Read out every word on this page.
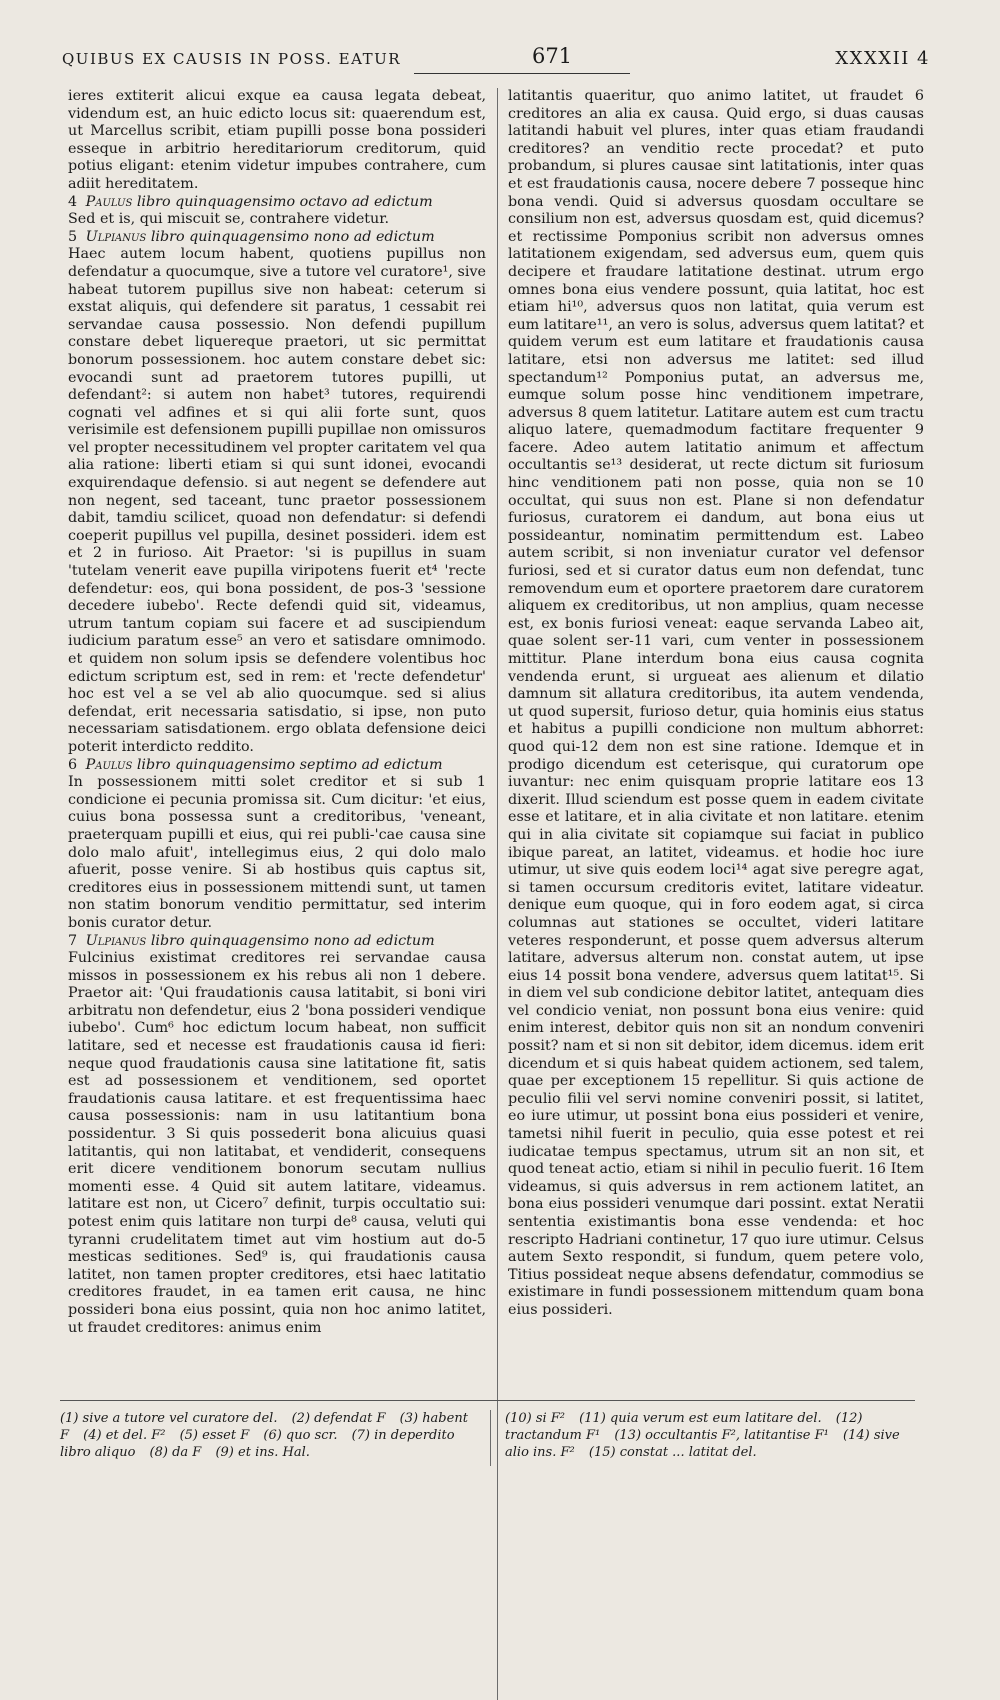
QUIBUS EX CAUSIS IN POSS. EATUR	671	XXXXII 4

ieres extiterit alicui exque ea causa legata debeat, videndum est, an huic edicto locus sit: quaerendum est, ut Marcellus scribit, etiam pupilli posse bona possideri esseque in arbitrio hereditariorum creditorum, quid potius eligant: etenim videtur impubes contrahere, cum adiit hereditatem.

4 Paulus libro quinquagensimo octavo ad edictum

Sed et is, qui miscuit se, contrahere videtur.

5 Ulpianus libro quinquagensimo nono ad edictum

Haec autem locum habent, quotiens pupillus non defendatur a quocumque, sive a tutore vel curatore¹, sive habeat tutorem pupillus sive non habeat: ceterum si exstat aliquis, qui defendere sit paratus, 1 cessabit rei servandae causa possessio. Non defendi pupillum constare debet liquereque praetori, ut sic permittat bonorum possessionem. hoc autem constare debet sic: evocandi sunt ad praetorem tutores pupilli, ut defendant²: si autem non habet³ tutores, requirendi cognati vel adfines et si qui alii forte sunt, quos verisimile est defensionem pupilli pupillae non omissuros vel propter necessitudinem vel propter caritatem vel qua alia ratione: liberti etiam si qui sunt idonei, evocandi exquirendaque defensio. si aut negent se defendere aut non negent, sed taceant, tunc praetor possessionem dabit, tamdiu scilicet, quoad non defendatur: si defendi coeperit pupillus vel pupilla, desinet possideri. idem est et 2 in furioso. Ait Praetor: 'si is pupillus in suam 'tutelam venerit eave pupilla viripotens fuerit et⁴ 'recte defendetur: eos, qui bona possident, de pos-3 'sessione decedere iubebo'. Recte defendi quid sit, videamus, utrum tantum copiam sui facere et ad suscipiendum iudicium paratum esse⁵ an vero et satisdare omnimodo. et quidem non solum ipsis se defendere volentibus hoc edictum scriptum est, sed in rem: et 'recte defendetur' hoc est vel a se vel ab alio quocumque. sed si alius defendat, erit necessaria satisdatio, si ipse, non puto necessariam satisdationem. ergo oblata defensione deici poterit interdicto reddito.

6 Paulus libro quinquagensimo septimo ad edictum

In possessionem mitti solet creditor et si sub 1 condicione ei pecunia promissa sit. Cum dicitur: 'et eius, cuius bona possessa sunt a creditoribus, 'veneant, praeterquam pupilli et eius, qui rei publi-'cae causa sine dolo malo afuit', intellegimus eius, 2 qui dolo malo afuerit, posse venire. Si ab hostibus quis captus sit, creditores eius in possessionem mittendi sunt, ut tamen non statim bonorum venditio permittatur, sed interim bonis curator detur.

7 Ulpianus libro quinquagensimo nono ad edictum

Fulcinius existimat creditores rei servandae causa missos in possessionem ex his rebus ali non 1 debere. Praetor ait: 'Qui fraudationis causa latitabit, si boni viri arbitratu non defendetur, eius 2 'bona possideri vendique iubebo'. Cum⁶ hoc edictum locum habeat, non sufficit latitare, sed et necesse est fraudationis causa id fieri: neque quod fraudationis causa sine latitatione fit, satis est ad possessionem et venditionem, sed oportet fraudationis causa latitare. et est frequentissima haec causa possessionis: nam in usu latitantium bona possidentur. 3 Si quis possederit bona alicuius quasi latitantis, qui non latitabat, et vendiderit, consequens erit dicere venditionem bonorum secutam nullius momenti esse. 4 Quid sit autem latitare, videamus. latitare est non, ut Cicero⁷ definit, turpis occultatio sui: potest enim quis latitare non turpi de⁸ causa, veluti qui tyranni crudelitatem timet aut vim hostium aut do-5 mesticas seditiones. Sed⁹ is, qui fraudationis causa latitet, non tamen propter creditores, etsi haec latitatio creditores fraudet, in ea tamen erit causa, ne hinc possideri bona eius possint, quia non hoc animo latitet, ut fraudet creditores: animus enim

latitantis quaeritur, quo animo latitet, ut fraudet 6 creditores an alia ex causa. Quid ergo, si duas causas latitandi habuit vel plures, inter quas etiam fraudandi creditores? an venditio recte procedat? et puto probandum, si plures causae sint latitationis, inter quas et est fraudationis causa, nocere debere 7 posseque hinc bona vendi. Quid si adversus quosdam occultare se consilium non est, adversus quosdam est, quid dicemus? et rectissime Pomponius scribit non adversus omnes latitationem exigendam, sed adversus eum, quem quis decipere et fraudare latitatione destinat. utrum ergo omnes bona eius vendere possunt, quia latitat, hoc est etiam hi¹⁰, adversus quos non latitat, quia verum est eum latitare¹¹, an vero is solus, adversus quem latitat? et quidem verum est eum latitare et fraudationis causa latitare, etsi non adversus me latitet: sed illud spectandum¹² Pomponius putat, an adversus me, eumque solum posse hinc venditionem impetrare, adversus 8 quem latitetur. Latitare autem est cum tractu aliquo latere, quemadmodum factitare frequenter 9 facere. Adeo autem latitatio animum et affectum occultantis se¹³ desiderat, ut recte dictum sit furiosum hinc venditionem pati non posse, quia non se 10 occultat, qui suus non est. Plane si non defendatur furiosus, curatorem ei dandum, aut bona eius ut possideantur, nominatim permittendum est. Labeo autem scribit, si non inveniatur curator vel defensor furiosi, sed et si curator datus eum non defendat, tunc removendum eum et oportere praetorem dare curatorem aliquem ex creditoribus, ut non amplius, quam necesse est, ex bonis furiosi veneat: eaque servanda Labeo ait, quae solent ser-11 vari, cum venter in possessionem mittitur. Plane interdum bona eius causa cognita vendenda erunt, si urgueat aes alienum et dilatio damnum sit allatura creditoribus, ita autem vendenda, ut quod supersit, furioso detur, quia hominis eius status et habitus a pupilli condicione non multum abhorret: quod qui-12 dem non est sine ratione. Idemque et in prodigo dicendum est ceterisque, qui curatorum ope iuvantur: nec enim quisquam proprie latitare eos 13 dixerit. Illud sciendum est posse quem in eadem civitate esse et latitare, et in alia civitate et non latitare. etenim qui in alia civitate sit copiamque sui faciat in publico ibique pareat, an latitet, videamus. et hodie hoc iure utimur, ut sive quis eodem loci¹⁴ agat sive peregre agat, si tamen occursum creditoris evitet, latitare videatur. denique eum quoque, qui in foro eodem agat, si circa columnas aut stationes se occultet, videri latitare veteres responderunt, et posse quem adversus alterum latitare, adversus alterum non. constat autem, ut ipse eius 14 possit bona vendere, adversus quem latitat¹⁵. Si in diem vel sub condicione debitor latitet, antequam dies vel condicio veniat, non possunt bona eius venire: quid enim interest, debitor quis non sit an nondum conveniri possit? nam et si non sit debitor, idem dicemus. idem erit dicendum et si quis habeat quidem actionem, sed talem, quae per exceptionem 15 repellitur. Si quis actione de peculio filii vel servi nomine conveniri possit, si latitet, eo iure utimur, ut possint bona eius possideri et venire, tametsi nihil fuerit in peculio, quia esse potest et rei iudicatae tempus spectamus, utrum sit an non sit, et quod teneat actio, etiam si nihil in peculio fuerit. 16 Item videamus, si quis adversus in rem actionem latitet, an bona eius possideri venumque dari possint. extat Neratii sententia existimantis bona esse vendenda: et hoc rescripto Hadriani continetur, 17 quo iure utimur. Celsus autem Sexto respondit, si fundum, quem petere volo, Titius possideat neque absens defendatur, commodius se existimare in fundi possessionem mittendum quam bona eius possideri.

(1) sive a tutore vel curatore del. (2) defendat F (3) habent F (4) et del. F² (5) esset F (6) quo scr. (7) in deperdito libro aliquo (8) da F (9) et ins. Hal.
(10) si F² (11) quia verum est eum latitare del. (12) tractandum F¹ (13) occultantis F², latitantise F¹ (14) sive alio ins. F² (15) constat ... latitat del.
